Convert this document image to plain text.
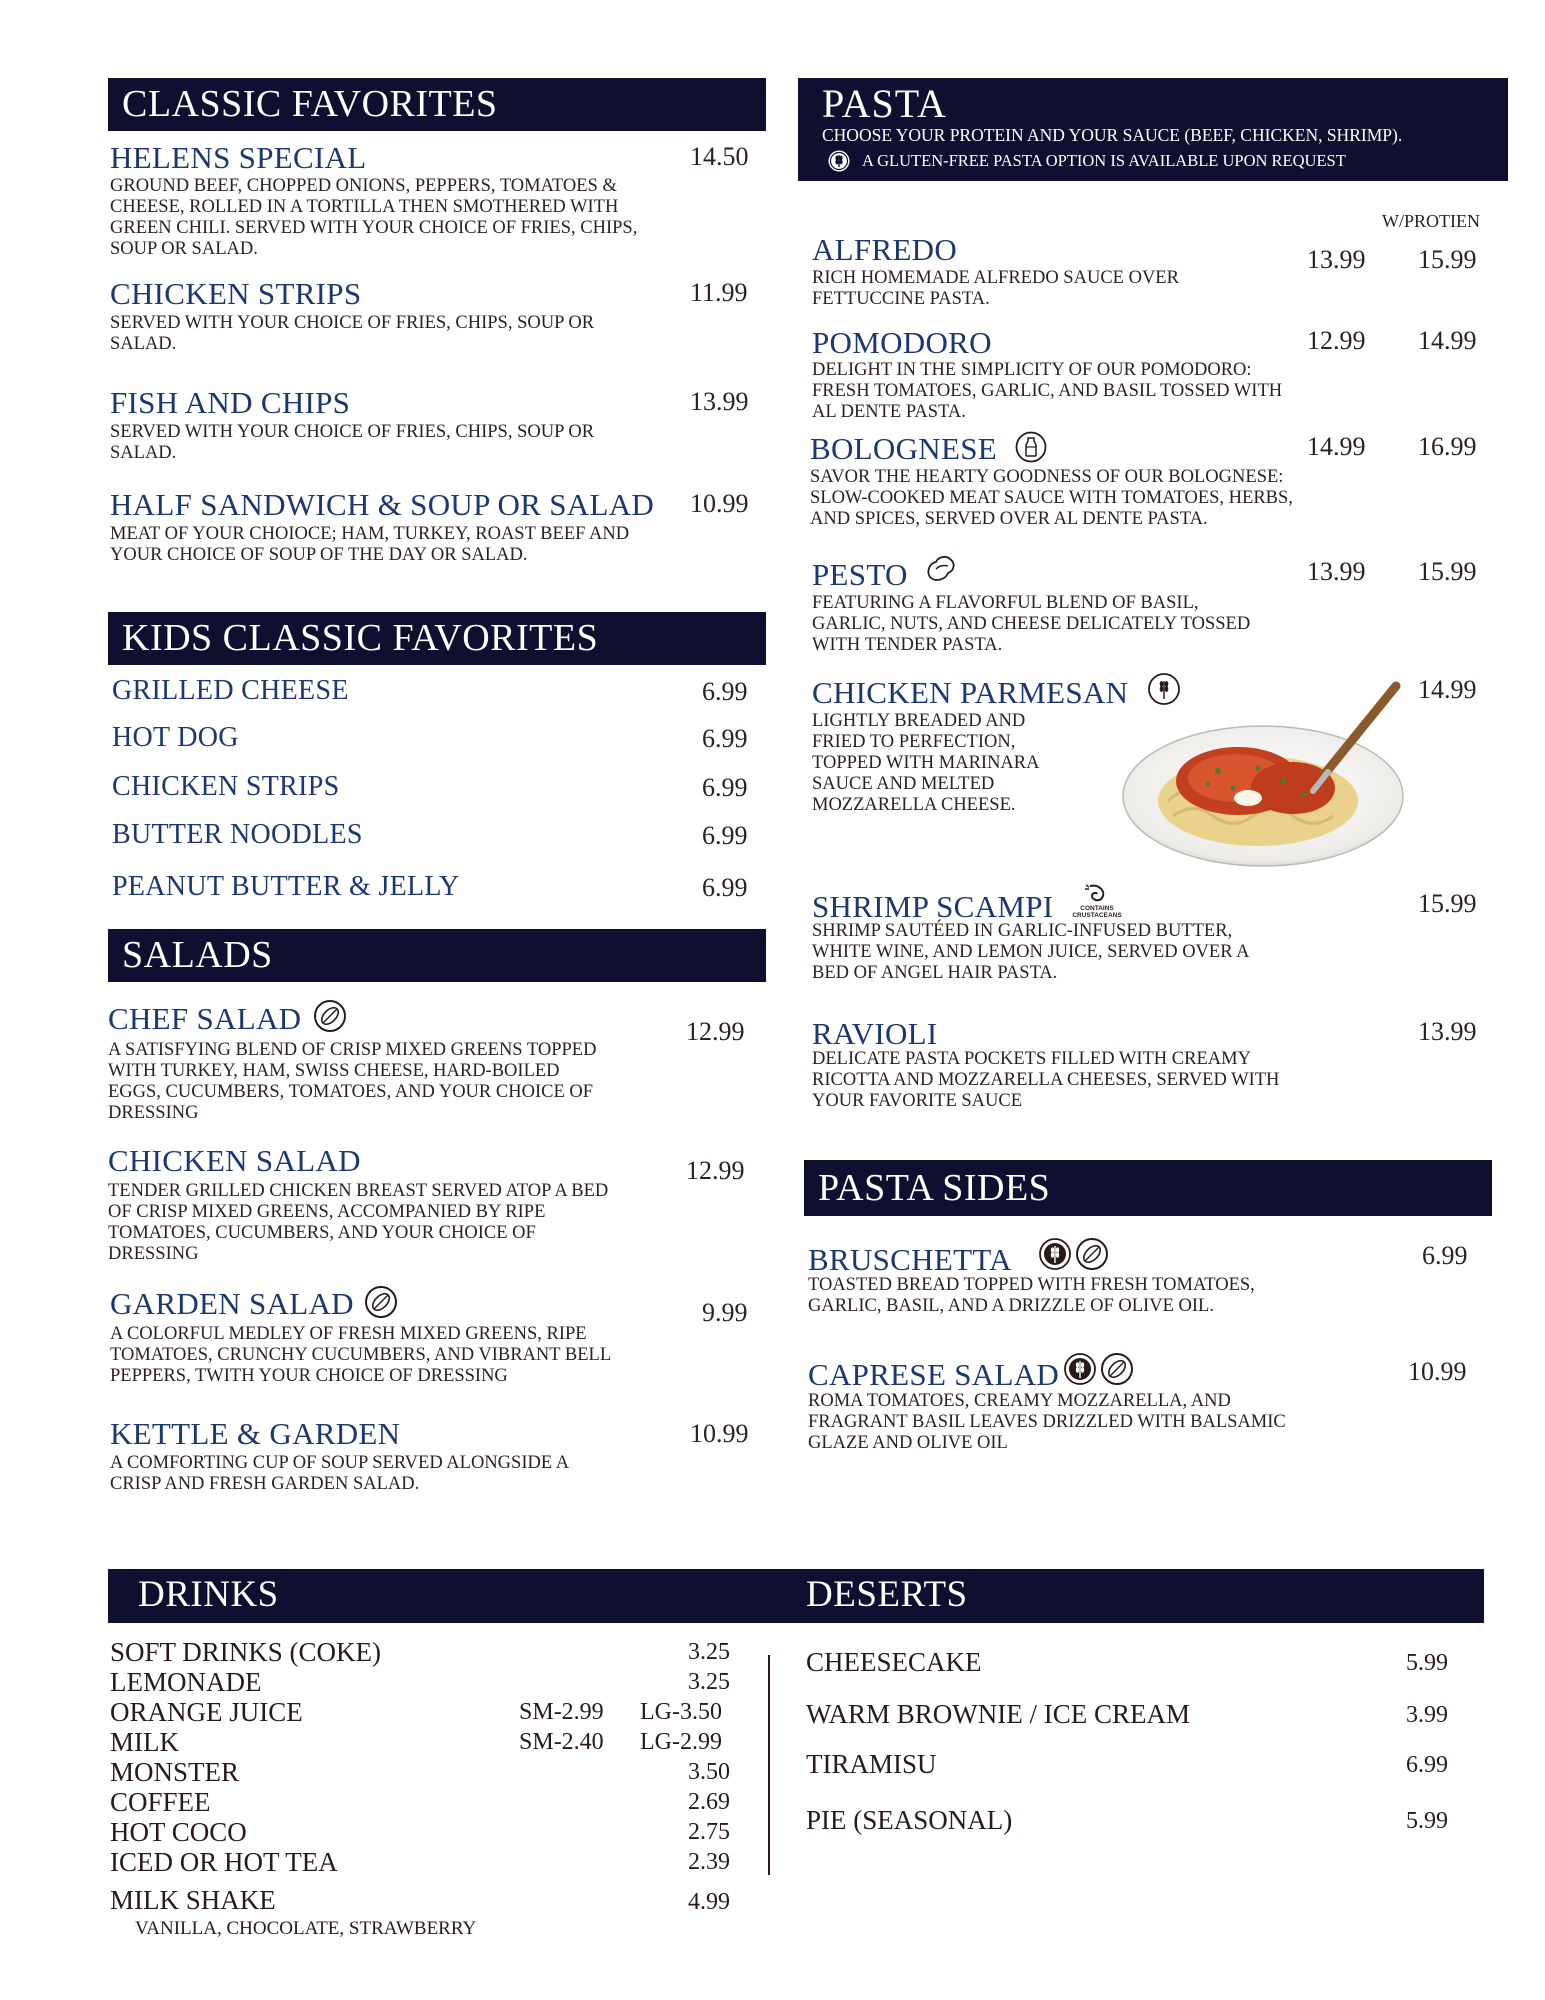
CLASSIC FAVORITES
HELENS SPECIAL	14.50
GROUND BEEF, CHOPPED ONIONS, PEPPERS, TOMATOES & CHEESE, ROLLED IN A TORTILLA THEN SMOTHERED WITH GREEN CHILI. SERVED WITH YOUR CHOICE OF FRIES, CHIPS, SOUP OR SALAD.
CHICKEN STRIPS	11.99
SERVED WITH YOUR CHOICE OF FRIES, CHIPS, SOUP OR SALAD.
FISH AND CHIPS	13.99
SERVED WITH YOUR CHOICE OF FRIES, CHIPS, SOUP OR SALAD.
HALF SANDWICH & SOUP OR SALAD 10.99
MEAT OF YOUR CHOIOCE; HAM, TURKEY, ROAST BEEF AND YOUR CHOICE OF SOUP OF THE DAY OR SALAD.
KIDS CLASSIC FAVORITES
GRILLED CHEESE	6.99
HOT DOG	6.99
CHICKEN STRIPS	6.99
BUTTER NOODLES	6.99
PEANUT BUTTER & JELLY	6.99
SALADS
CHEF SALAD	12.99
A SATISFYING BLEND OF CRISP MIXED GREENS TOPPED WITH TURKEY, HAM, SWISS CHEESE, HARD-BOILED EGGS, CUCUMBERS, TOMATOES, AND YOUR CHOICE OF DRESSING
CHICKEN SALAD	12.99
TENDER GRILLED CHICKEN BREAST SERVED ATOP A BED OF CRISP MIXED GREENS, ACCOMPANIED BY RIPE TOMATOES, CUCUMBERS, AND YOUR CHOICE OF DRESSING
GARDEN SALAD	9.99
A COLORFUL MEDLEY OF FRESH MIXED GREENS, RIPE TOMATOES, CRUNCHY CUCUMBERS, AND VIBRANT BELL PEPPERS, TWITH YOUR CHOICE OF DRESSING
KETTLE & GARDEN	10.99
A COMFORTING CUP OF SOUP SERVED ALONGSIDE A CRISP AND FRESH GARDEN SALAD.
PASTA
CHOOSE YOUR PROTEIN AND YOUR SAUCE (BEEF, CHICKEN, SHRIMP).
A GLUTEN-FREE PASTA OPTION IS AVAILABLE UPON REQUEST
W/PROTIEN
ALFREDO	13.99 15.99
RICH HOMEMADE ALFREDO SAUCE OVER FETTUCCINE PASTA.
POMODORO	12.99 14.99
DELIGHT IN THE SIMPLICITY OF OUR POMODORO: FRESH TOMATOES, GARLIC, AND BASIL TOSSED WITH AL DENTE PASTA.
BOLOGNESE	14.99 16.99
SAVOR THE HEARTY GOODNESS OF OUR BOLOGNESE: SLOW-COOKED MEAT SAUCE WITH TOMATOES, HERBS, AND SPICES, SERVED OVER AL DENTE PASTA.
PESTO	13.99 15.99
FEATURING A FLAVORFUL BLEND OF BASIL, GARLIC, NUTS, AND CHEESE DELICATELY TOSSED WITH TENDER PASTA.
CHICKEN PARMESAN	14.99
LIGHTLY BREADED AND FRIED TO PERFECTION, TOPPED WITH MARINARA SAUCE AND MELTED MOZZARELLA CHEESE.
SHRIMP SCAMPI	CONTAINS CRUSTACEANS	15.99
SHRIMP SAUTÉED IN GARLIC-INFUSED BUTTER, WHITE WINE, AND LEMON JUICE, SERVED OVER A BED OF ANGEL HAIR PASTA.
RAVIOLI	13.99
DELICATE PASTA POCKETS FILLED WITH CREAMY RICOTTA AND MOZZARELLA CHEESES, SERVED WITH YOUR FAVORITE SAUCE
PASTA SIDES
BRUSCHETTA	6.99
TOASTED BREAD TOPPED WITH FRESH TOMATOES, GARLIC, BASIL, AND A DRIZZLE OF OLIVE OIL.
CAPRESE SALAD	10.99
ROMA TOMATOES, CREAMY MOZZARELLA, AND FRAGRANT BASIL LEAVES DRIZZLED WITH BALSAMIC GLAZE AND OLIVE OIL
DRINKS	DESERTS
SOFT DRINKS (COKE)	3.25
LEMONADE	3.25
ORANGE JUICE	SM-2.99 LG-3.50
MILK	SM-2.40 LG-2.99
MONSTER	3.50
COFFEE	2.69
HOT COCO	2.75
ICED OR HOT TEA	2.39
MILK SHAKE	4.99
VANILLA, CHOCOLATE, STRAWBERRY
CHEESECAKE	5.99
WARM BROWNIE / ICE CREAM	3.99
TIRAMISU	6.99
PIE (SEASONAL)	5.99
